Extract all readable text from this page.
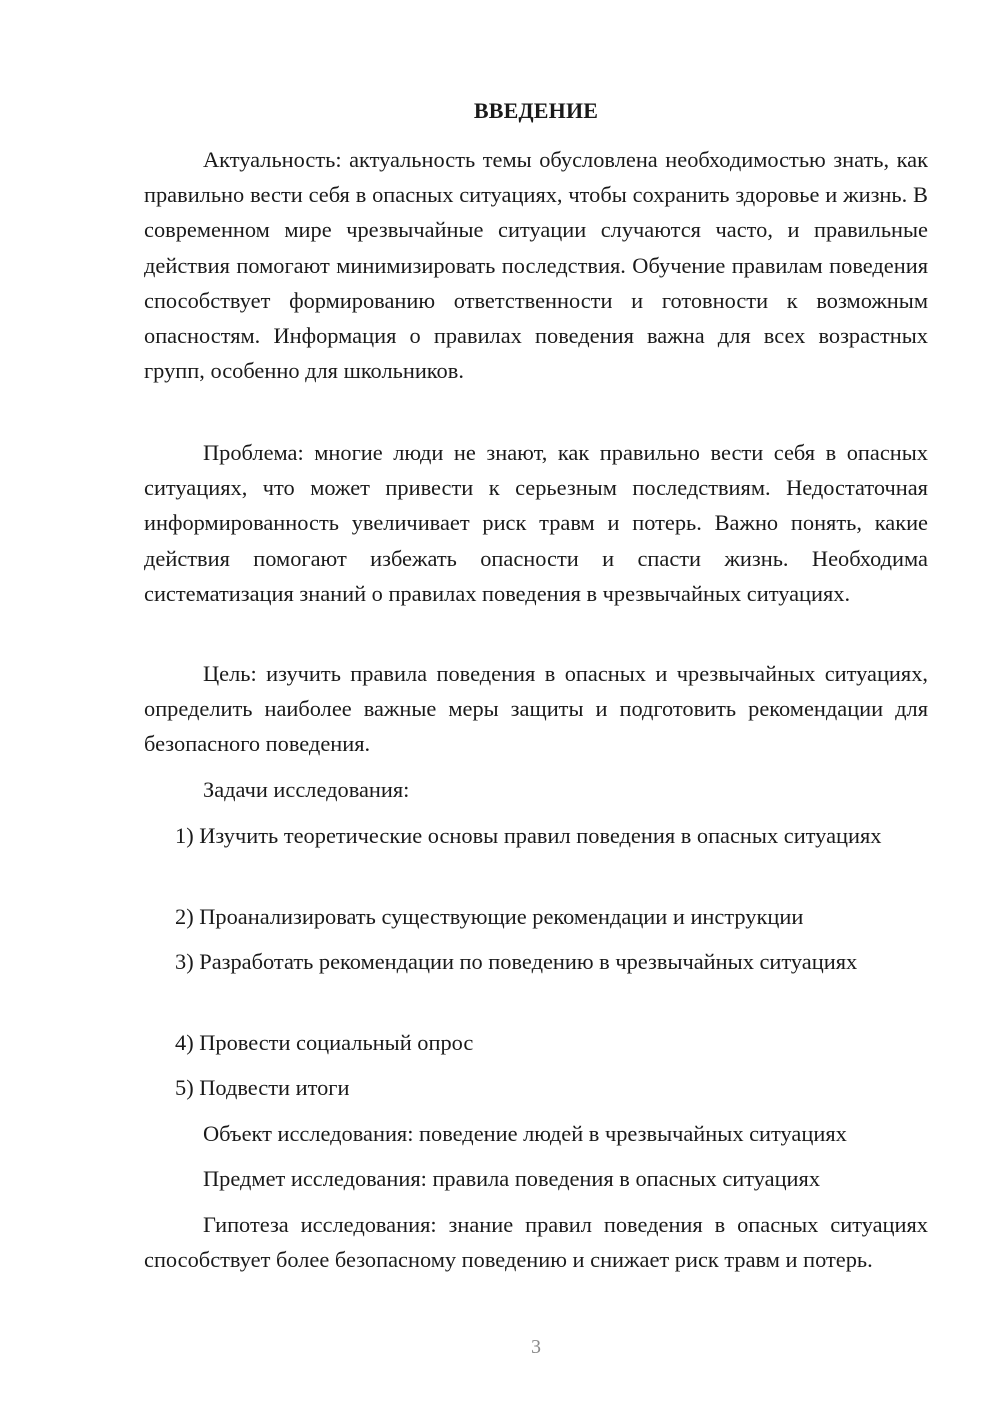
ВВЕДЕНИЕ

Актуальность: актуальность темы обусловлена необходимостью знать, как правильно вести себя в опасных ситуациях, чтобы сохранить здоровье и жизнь. В современном мире чрезвычайные ситуации случаются часто, и правильные действия помогают минимизировать последствия. Обучение правилам поведения способствует формированию ответственности и готовности к возможным опасностям. Информация о правилах поведения важна для всех возрастных групп, особенно для школьников.

Проблема: многие люди не знают, как правильно вести себя в опасных ситуациях, что может привести к серьезным последствиям. Недостаточная информированность увеличивает риск травм и потерь. Важно понять, какие действия помогают избежать опасности и спасти жизнь. Необходима систематизация знаний о правилах поведения в чрезвычайных ситуациях.

Цель: изучить правила поведения в опасных и чрезвычайных ситуациях, определить наиболее важные меры защиты и подготовить рекомендации для безопасного поведения.

Задачи исследования:

1) Изучить теоретические основы правил поведения в опасных ситуациях

2) Проанализировать существующие рекомендации и инструкции

3) Разработать рекомендации по поведению в чрезвычайных ситуациях

4) Провести социальный опрос

5) Подвести итоги

Объект исследования: поведение людей в чрезвычайных ситуациях

Предмет исследования: правила поведения в опасных ситуациях

Гипотеза исследования: знание правил поведения в опасных ситуациях способствует более безопасному поведению и снижает риск травм и потерь.

3
